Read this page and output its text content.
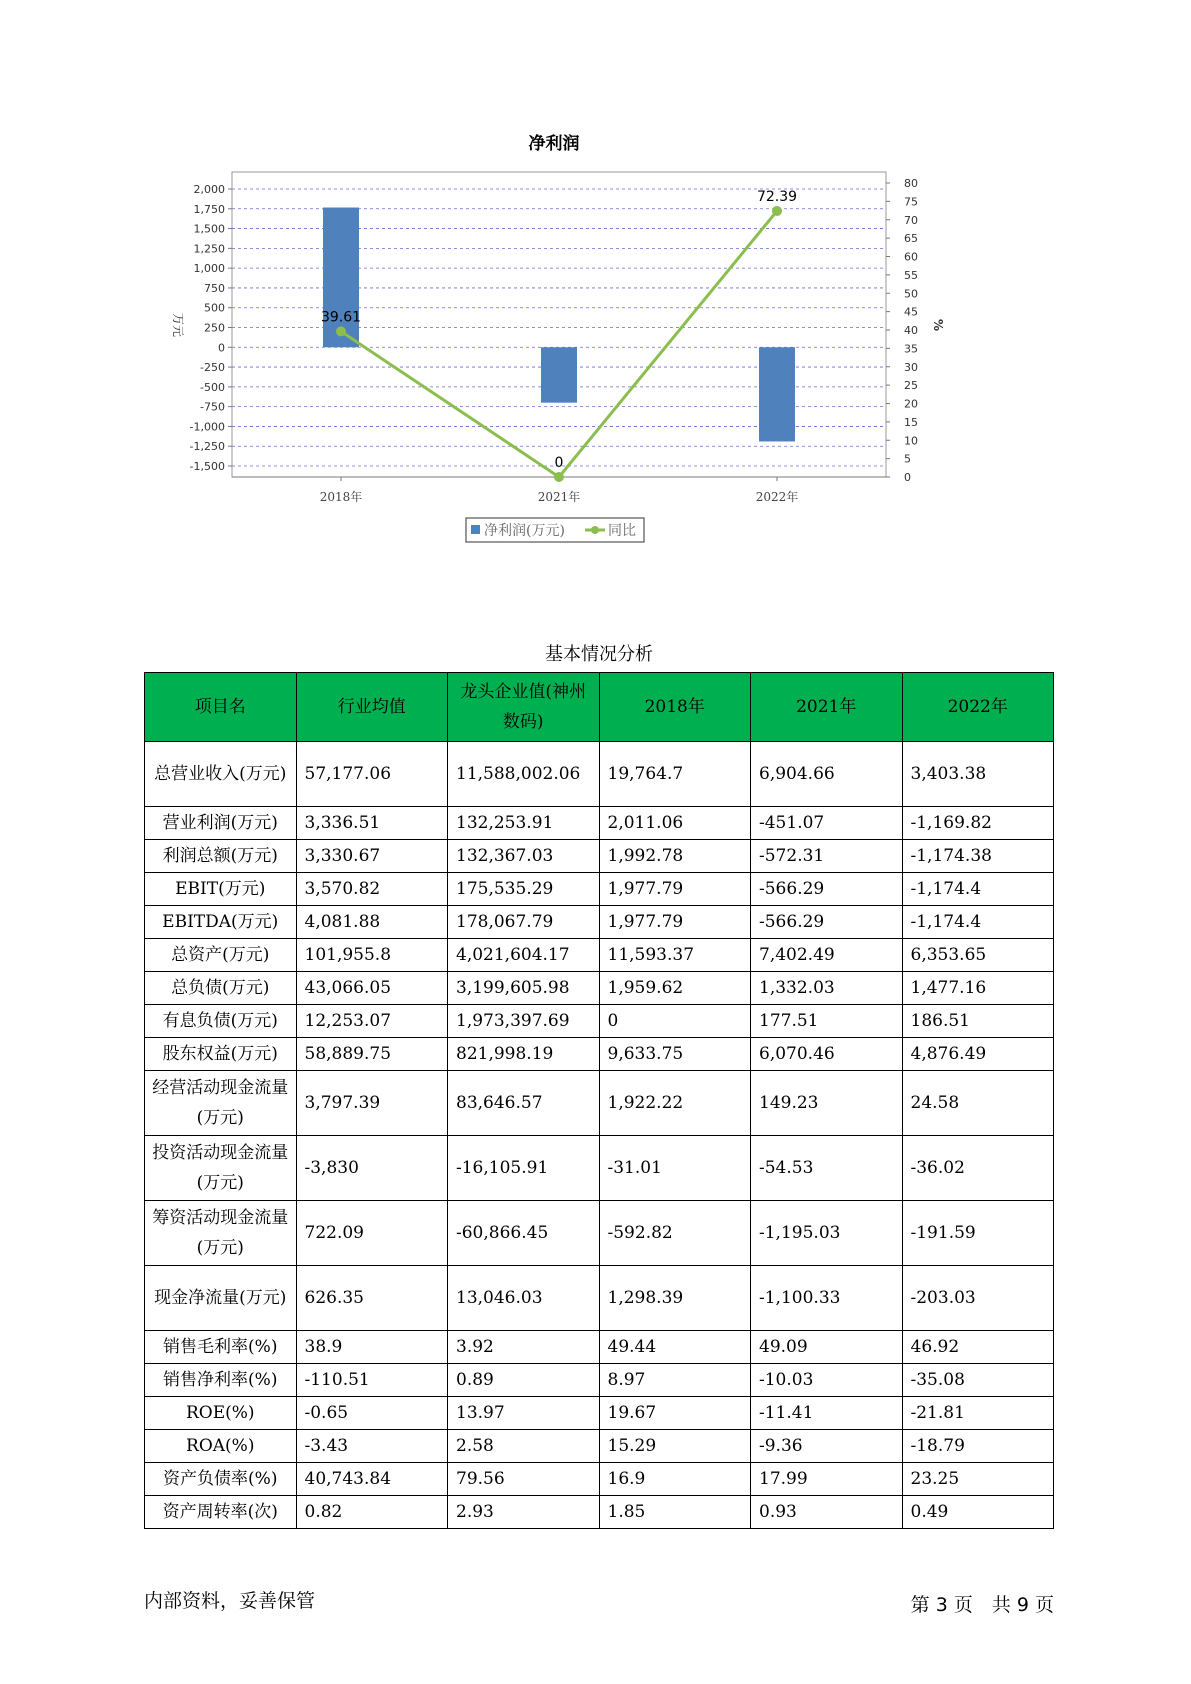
净利润
2,000
1,750
1,500
1,250
1,000
750
500
250
0
-250
-500
-750
-1,000
-1,250
-1,500
0
5
10
15
20
25
30
35
40
45
50
55
60
65
70
75
80
万元	%
2018年	2021年	2022年
39.61
0
72.39
净利润(万元)	同比
基本情况分析
项目名	行业均值	龙头企业值(神州数码)	2018年	2021年	2022年
总营业收入(万元)	57,177.06	11,588,002.06	19,764.7	6,904.66	3,403.38
营业利润(万元)	3,336.51	132,253.91	2,011.06	-451.07	-1,169.82
利润总额(万元)	3,330.67	132,367.03	1,992.78	-572.31	-1,174.38
EBIT(万元)	3,570.82	175,535.29	1,977.79	-566.29	-1,174.4
EBITDA(万元)	4,081.88	178,067.79	1,977.79	-566.29	-1,174.4
总资产(万元)	101,955.8	4,021,604.17	11,593.37	7,402.49	6,353.65
总负债(万元)	43,066.05	3,199,605.98	1,959.62	1,332.03	1,477.16
有息负债(万元)	12,253.07	1,973,397.69	0	177.51	186.51
股东权益(万元)	58,889.75	821,998.19	9,633.75	6,070.46	4,876.49
经营活动现金流量(万元)	3,797.39	83,646.57	1,922.22	149.23	24.58
投资活动现金流量(万元)	-3,830	-16,105.91	-31.01	-54.53	-36.02
筹资活动现金流量(万元)	722.09	-60,866.45	-592.82	-1,195.03	-191.59
现金净流量(万元)	626.35	13,046.03	1,298.39	-1,100.33	-203.03
销售毛利率(%)	38.9	3.92	49.44	49.09	46.92
销售净利率(%)	-110.51	0.89	8.97	-10.03	-35.08
ROE(%)	-0.65	13.97	19.67	-11.41	-21.81
ROA(%)	-3.43	2.58	15.29	-9.36	-18.79
资产负债率(%)	40,743.84	79.56	16.9	17.99	23.25
资产周转率(次)	0.82	2.93	1.85	0.93	0.49
内部资料，妥善保管	第 3 页　共 9 页
